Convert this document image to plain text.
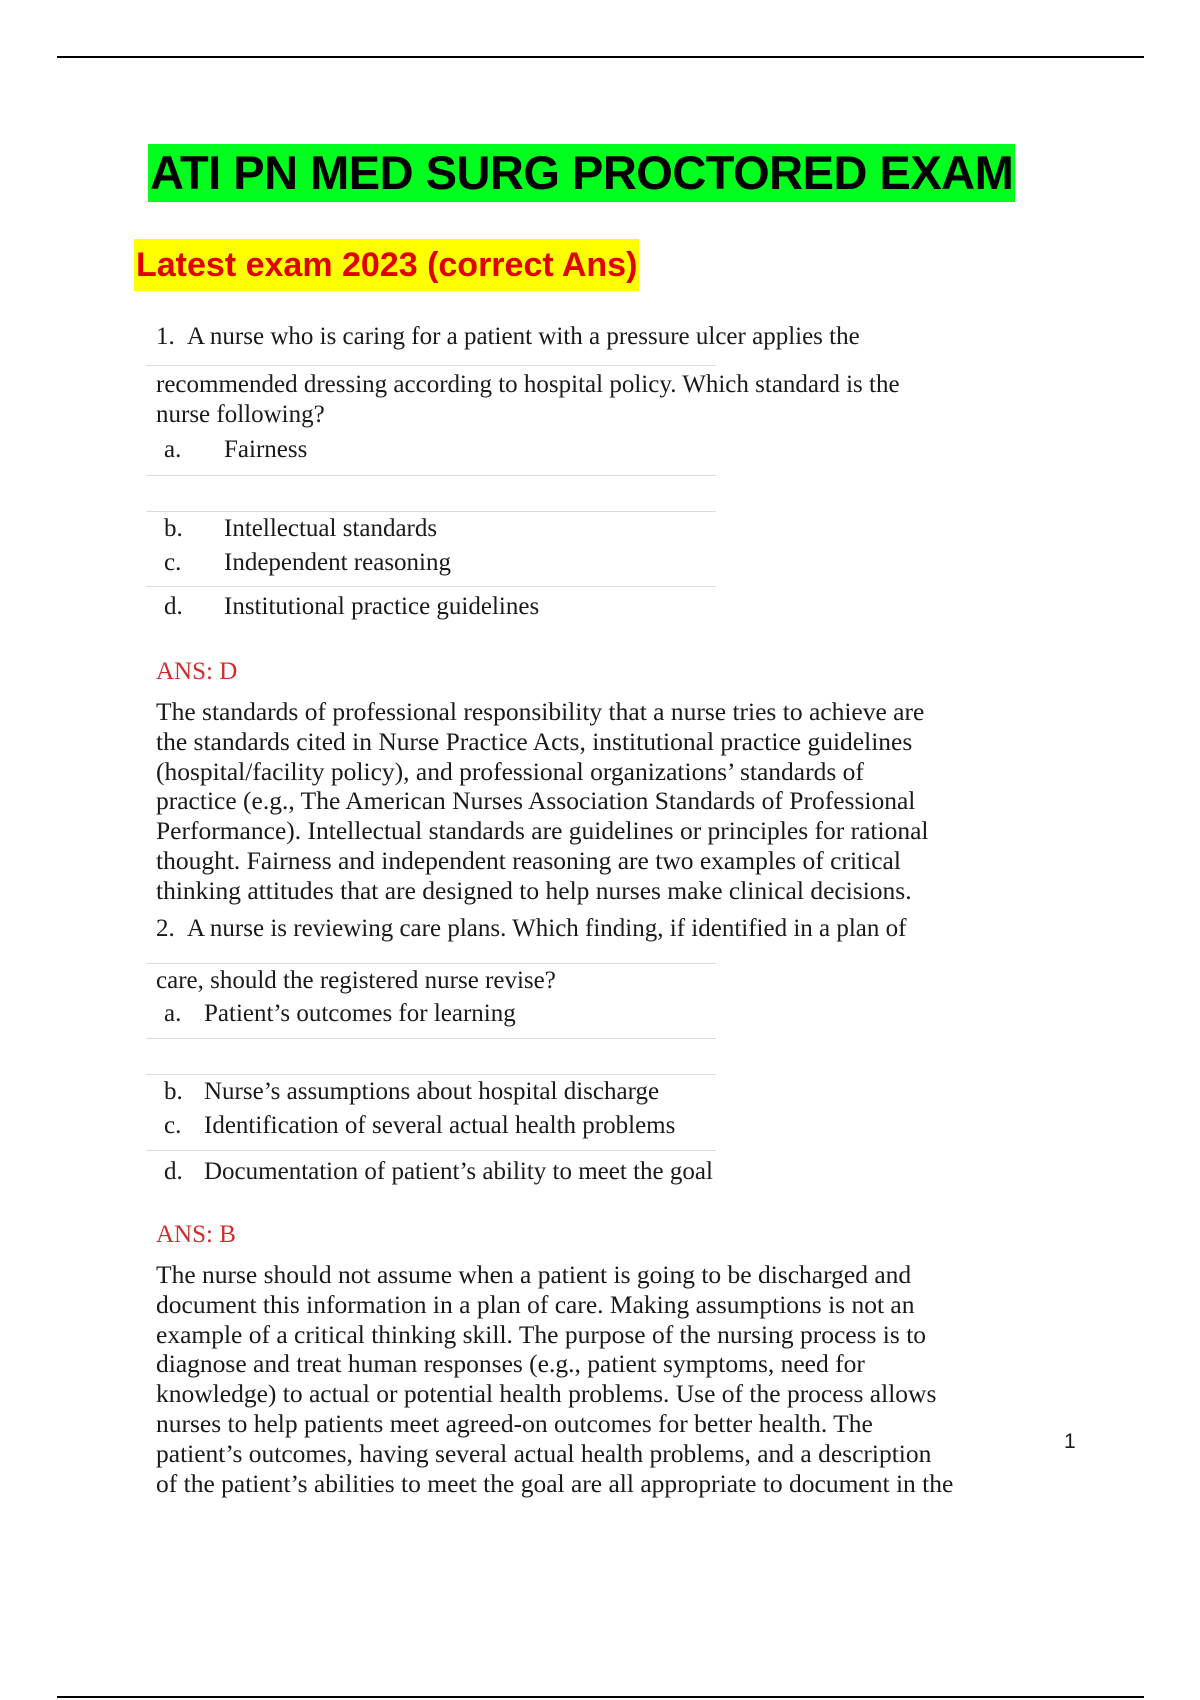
ATI PN MED SURG PROCTORED EXAM
Latest exam 2023 (correct Ans)
1. A nurse who is caring for a patient with a pressure ulcer applies the
recommended dressing according to hospital policy. Which standard is the
nurse following?
a. Fairness
b. Intellectual standards
c. Independent reasoning
d. Institutional practice guidelines
ANS: D
The standards of professional responsibility that a nurse tries to achieve are
the standards cited in Nurse Practice Acts, institutional practice guidelines
(hospital/facility policy), and professional organizations’ standards of
practice (e.g., The American Nurses Association Standards of Professional
Performance). Intellectual standards are guidelines or principles for rational
thought. Fairness and independent reasoning are two examples of critical
thinking attitudes that are designed to help nurses make clinical decisions.
2. A nurse is reviewing care plans. Which finding, if identified in a plan of
care, should the registered nurse revise?
a. Patient’s outcomes for learning
b. Nurse’s assumptions about hospital discharge
c. Identification of several actual health problems
d. Documentation of patient’s ability to meet the goal
ANS: B
The nurse should not assume when a patient is going to be discharged and
document this information in a plan of care. Making assumptions is not an
example of a critical thinking skill. The purpose of the nursing process is to
diagnose and treat human responses (e.g., patient symptoms, need for
knowledge) to actual or potential health problems. Use of the process allows
nurses to help patients meet agreed-on outcomes for better health. The
patient’s outcomes, having several actual health problems, and a description
of the patient’s abilities to meet the goal are all appropriate to document in the
1
